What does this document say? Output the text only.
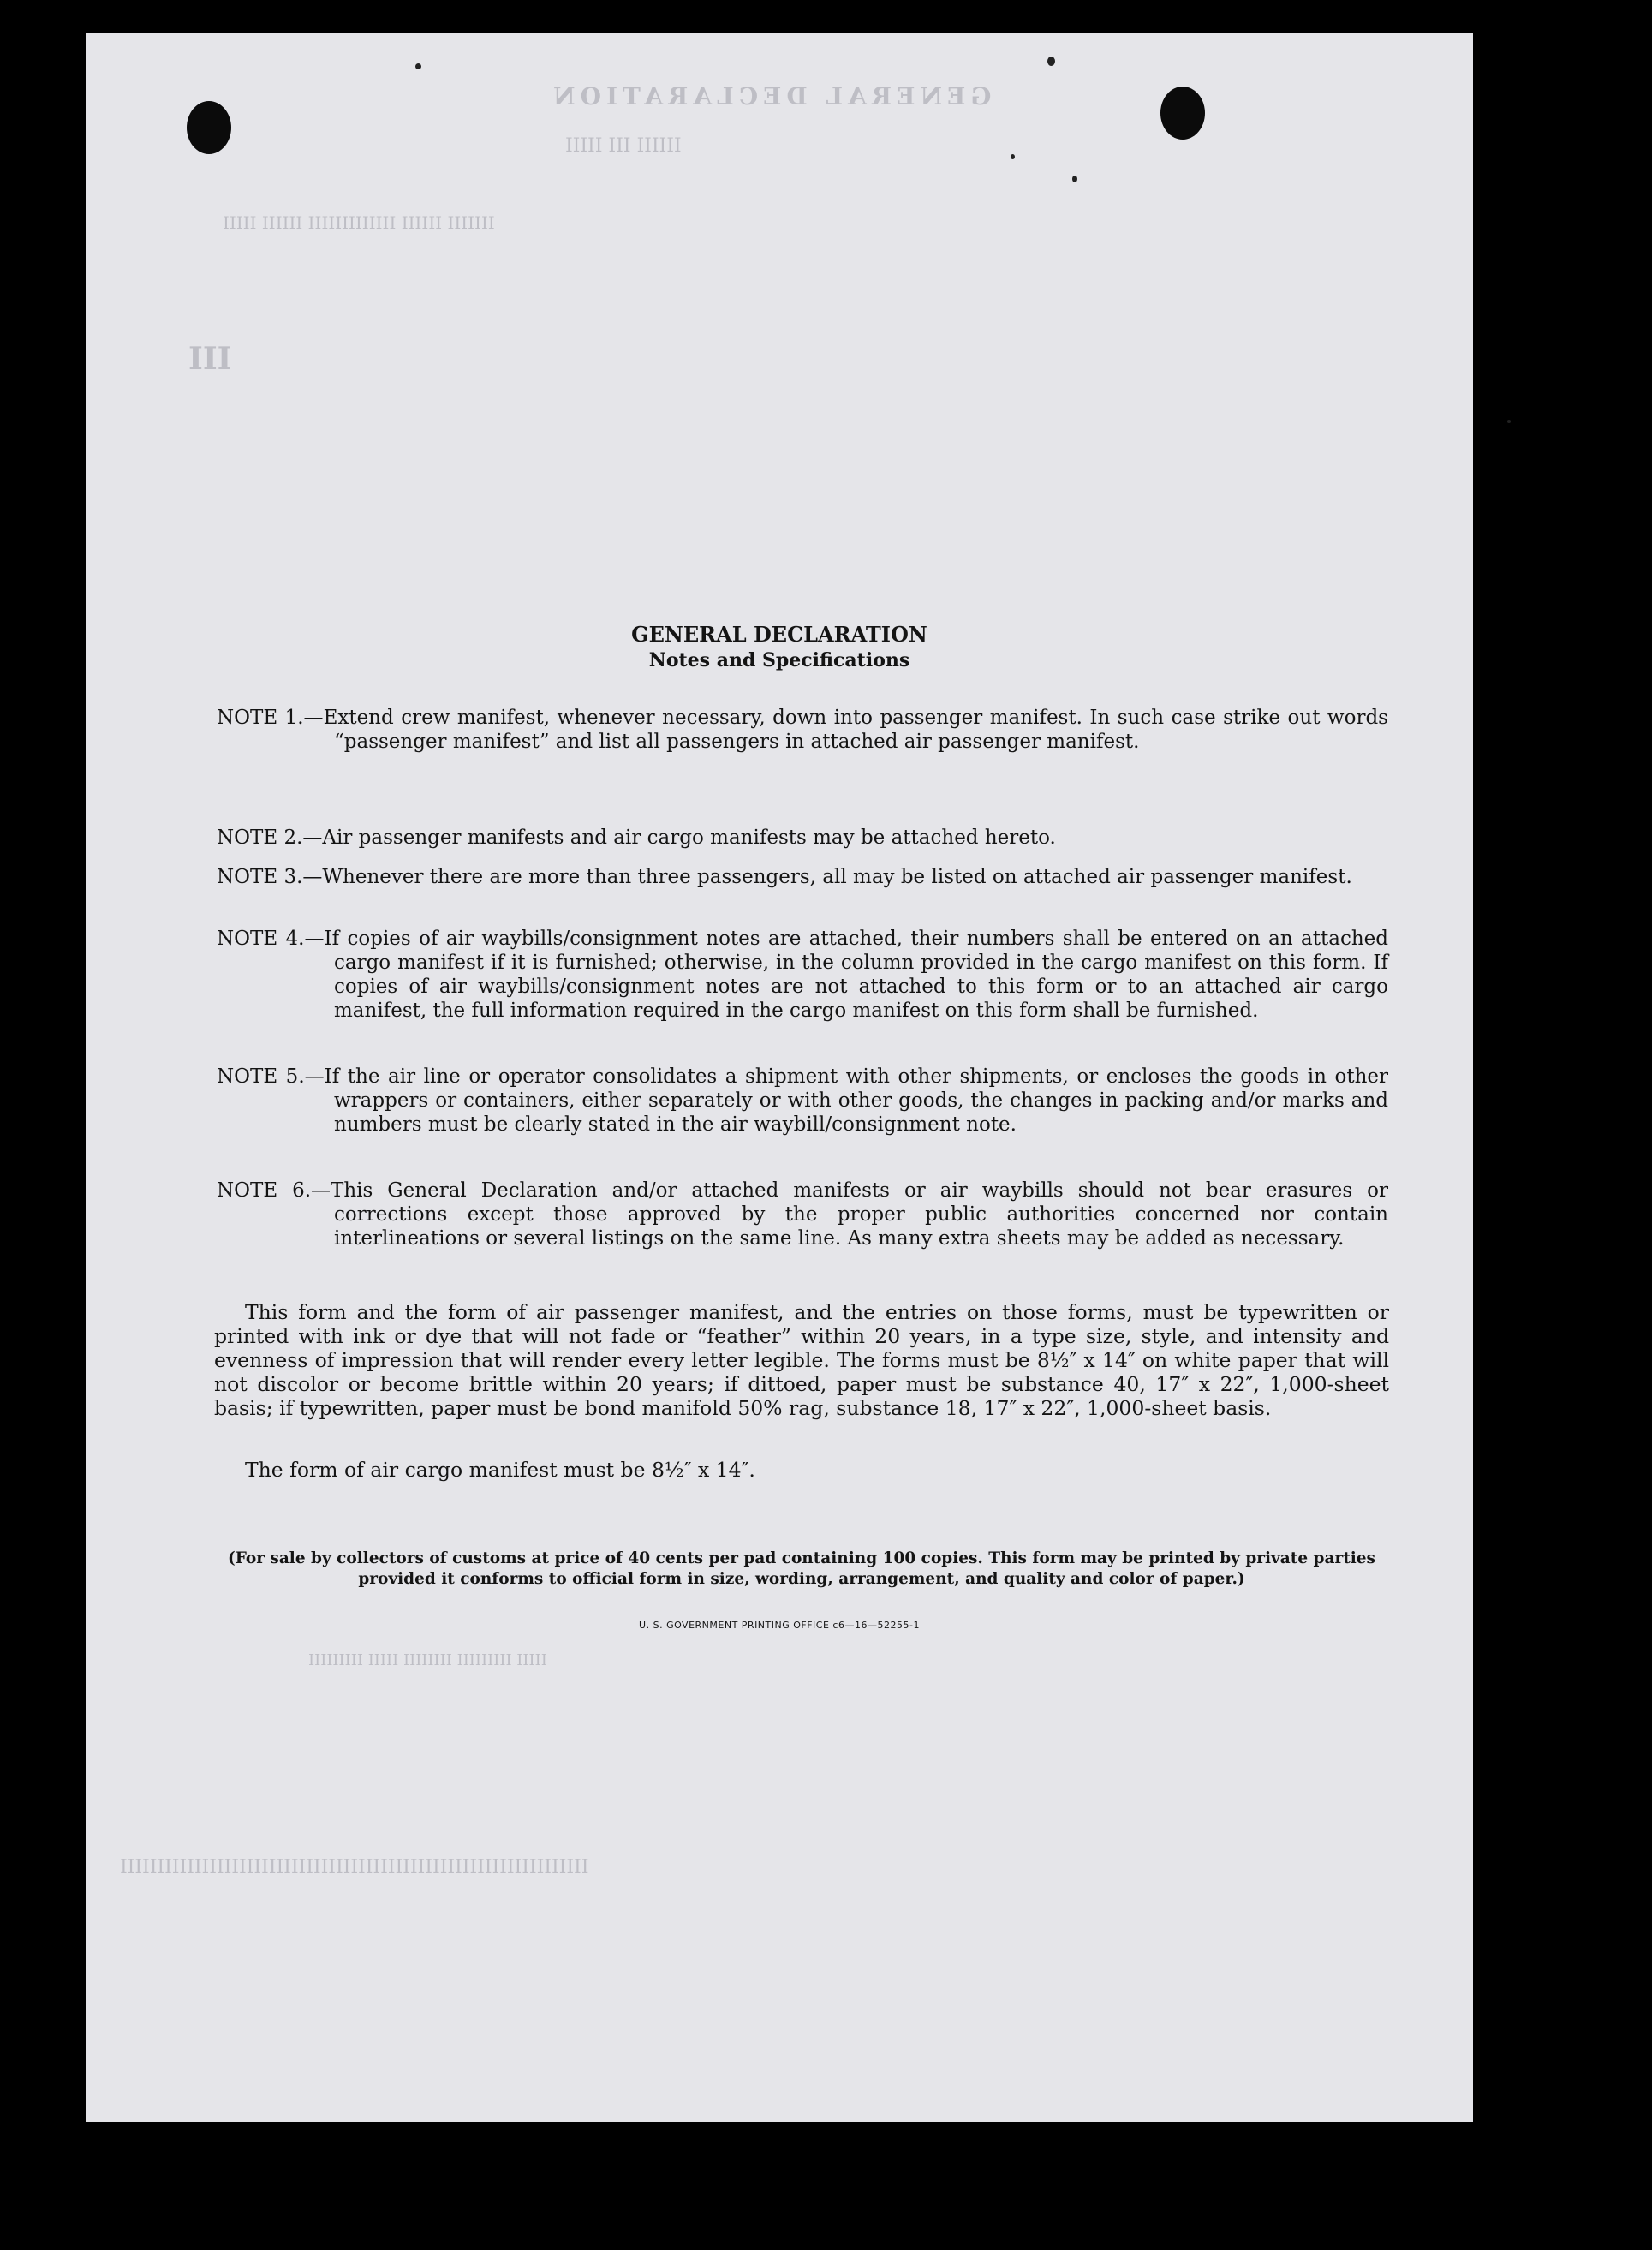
GENERAL DECLARATION
ⅠⅠⅠⅠⅠⅠ ⅠⅠⅠ ⅠⅠⅠⅠⅠ
ⅠⅠⅠⅠⅠⅠⅠ ⅠⅠⅠⅠⅠⅠ ⅠⅠⅠⅠⅠⅠⅠⅠⅠⅠⅠⅠⅠ ⅠⅠⅠⅠⅠⅠ ⅠⅠⅠⅠⅠ
ⅠⅠⅠ
ⅠⅠⅠⅠⅠ ⅠⅠⅠⅠⅠⅠⅠⅠⅠ ⅠⅠⅠⅠⅠⅠⅠⅠ ⅠⅠⅠⅠⅠ ⅠⅠⅠⅠⅠⅠⅠⅠⅠ
ⅠⅠⅠⅠⅠⅠⅠⅠⅠⅠⅠⅠⅠⅠⅠⅠⅠⅠⅠⅠⅠⅠⅠⅠⅠⅠⅠⅠⅠⅠⅠⅠⅠⅠⅠⅠⅠⅠⅠⅠⅠⅠⅠⅠⅠⅠⅠⅠⅠⅠⅠⅠⅠⅠⅠⅠⅠⅠⅠⅠⅠⅠⅠ
GENERAL DECLARATION
Notes and Specifications

NOTE 1.—Extend crew manifest, whenever necessary, down into passenger manifest. In such case strike out words “passenger manifest” and list all passengers in attached air passenger manifest.

NOTE 2.—Air passenger manifests and air cargo manifests may be attached hereto.

NOTE 3.—Whenever there are more than three passengers, all may be listed on attached air passenger manifest.

NOTE 4.—If copies of air waybills/consignment notes are attached, their numbers shall be entered on an attached cargo manifest if it is furnished; otherwise, in the column provided in the cargo manifest on this form. If copies of air waybills/consignment notes are not attached to this form or to an attached air cargo manifest, the full information required in the cargo manifest on this form shall be furnished.

NOTE 5.—If the air line or operator consolidates a shipment with other shipments, or encloses the goods in other wrappers or containers, either separately or with other goods, the changes in packing and/or marks and numbers must be clearly stated in the air waybill/consignment note.

NOTE 6.—This General Declaration and/or attached manifests or air waybills should not bear erasures or corrections except those approved by the proper public authorities concerned nor contain interlineations or several listings on the same line. As many extra sheets may be added as necessary.

This form and the form of air passenger manifest, and the entries on those forms, must be typewritten or printed with ink or dye that will not fade or “feather” within 20 years, in a type size, style, and intensity and evenness of impression that will render every letter legible. The forms must be 8½″ x 14″ on white paper that will not discolor or become brittle within 20 years; if dittoed, paper must be substance 40, 17″ x 22″, 1,000-sheet basis; if typewritten, paper must be bond manifold 50% rag, substance 18, 17″ x 22″, 1,000-sheet basis.
The form of air cargo manifest must be 8½″ x 14″.
(For sale by collectors of customs at price of 40 cents per pad containing 100 copies. This form may be printed by private parties provided it conforms to official form in size, wording, arrangement, and quality and color of paper.)
U. S. GOVERNMENT PRINTING OFFICE c6—16—52255-1
